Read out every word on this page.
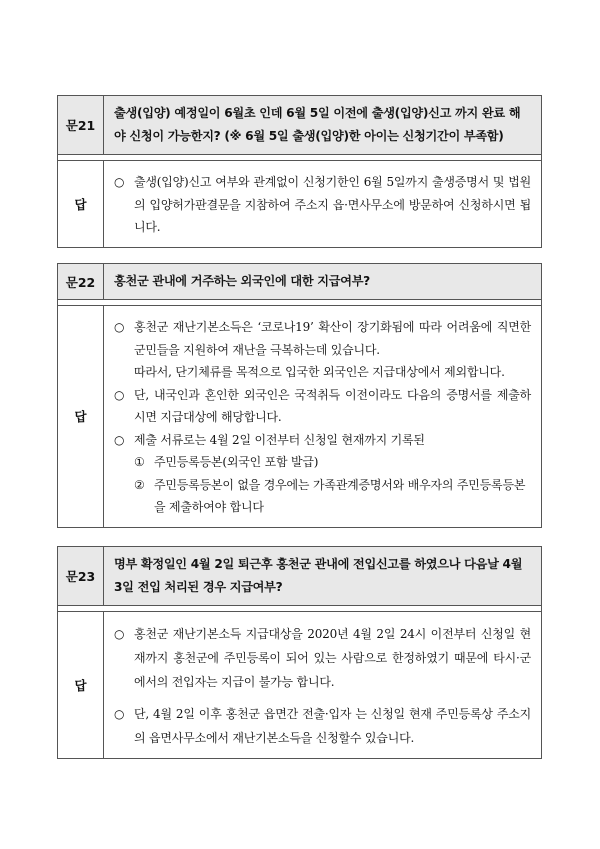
문21
출생(입양) 예정일이 6월초 인데 6월 5일 이전에 출생(입양)신고 까지 완료 해야 신청이 가능한지? (※ 6월 5일 출생(입양)한 아이는 신청기간이 부족함)
답
○ 출생(입양)신고 여부와 관계없이 신청기한인 6월 5일까지 출생증명서 및 법원의 입양허가판결문을 지참하여 주소지 읍·면사무소에 방문하여 신청하시면 됩니다.
문22	홍천군 관내에 거주하는 외국인에 대한 지급여부?
답
○ 홍천군 재난기본소득은 ‘코로나19’ 확산이 장기화됨에 따라 어려움에 직면한 군민들을 지원하여 재난을 극복하는데 있습니다.
따라서, 단기체류를 목적으로 입국한 외국인은 지급대상에서 제외합니다.
○ 단, 내국인과 혼인한 외국인은 국적취득 이전이라도 다음의 증명서를 제출하시면 지급대상에 해당합니다.
○ 제출 서류로는 4월 2일 이전부터 신청일 현재까지 기록된
① 주민등록등본(외국인 포함 발급)
② 주민등록등본이 없을 경우에는 가족관계증명서와 배우자의 주민등록등본을 제출하여야 합니다
문23
명부 확정일인 4월 2일 퇴근후 홍천군 관내에 전입신고를 하였으나 다음날 4월 3일 전입 처리된 경우 지급여부?
답
○ 홍천군 재난기본소득 지급대상을 2020년 4월 2일 24시 이전부터 신청일 현재까지 홍천군에 주민등록이 되어 있는 사람으로 한정하였기 때문에 타시·군 에서의 전입자는 지급이 불가능 합니다.
○ 단, 4월 2일 이후 홍천군 읍면간 전출·입자 는 신청일 현재 주민등록상 주소지의 읍면사무소에서 재난기본소득을 신청할수 있습니다.
